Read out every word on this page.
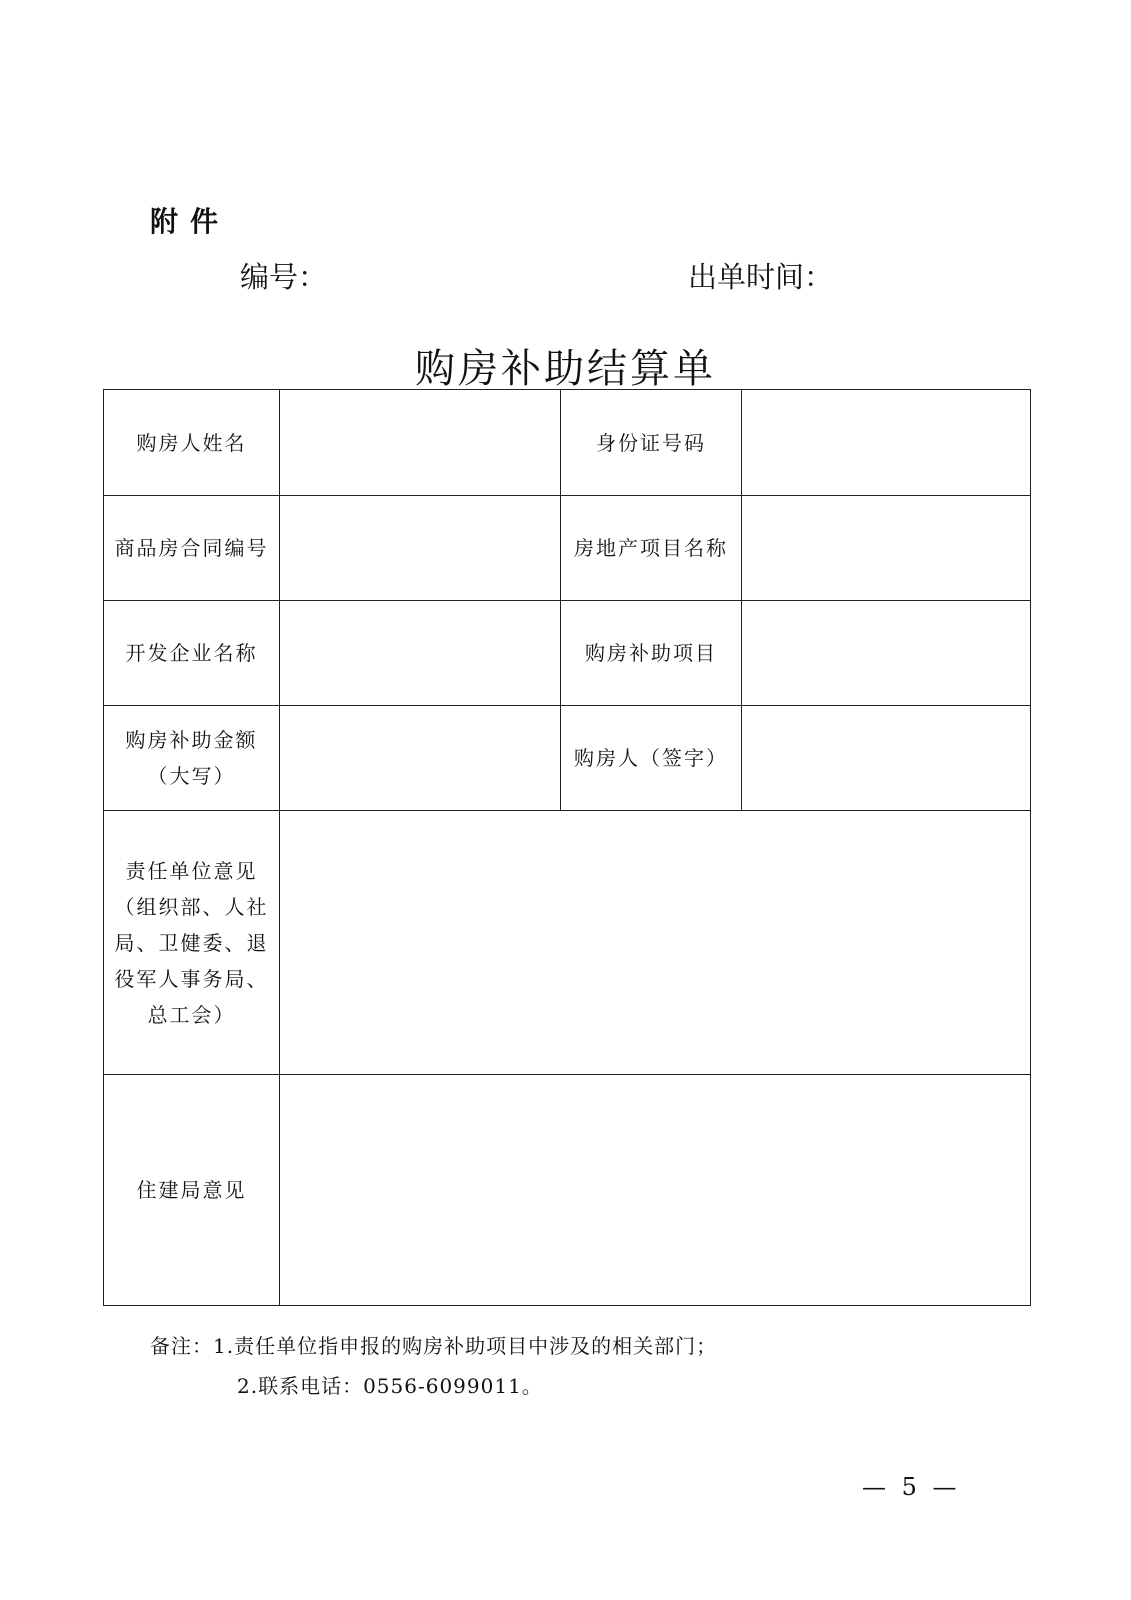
附件
编号：	出单时间：
购房补助结算单
购房人姓名		身份证号码	
商品房合同编号		房地产项目名称	
开发企业名称		购房补助项目	

购房补助金额
（大写）		购房人（签字）	

责任单位意见
（组织部、人社
局、卫健委、退
役军人事务局、
总工会）			

住建局意见			
备注：1.责任单位指申报的购房补助项目中涉及的相关部门；
2.联系电话：0556-6099011。
— 5 —
